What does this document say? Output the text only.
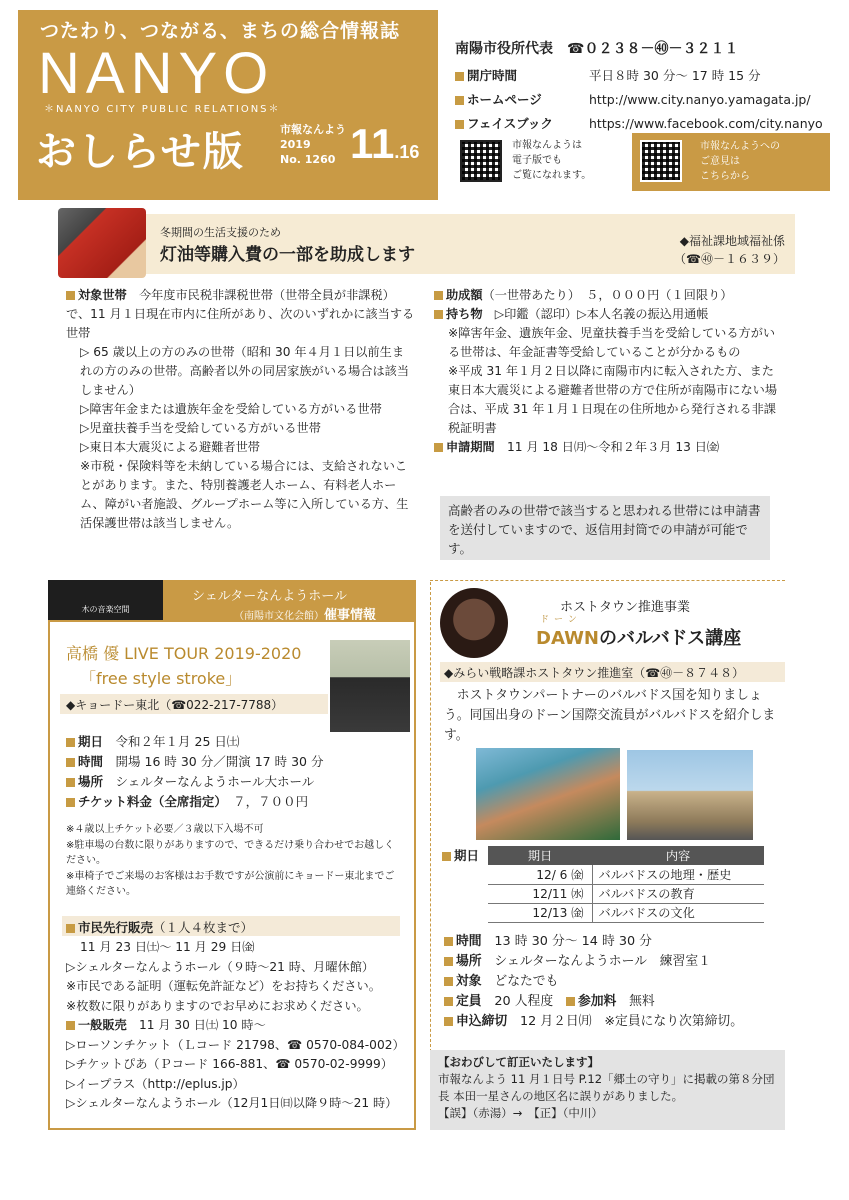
つたわり、つながる、まちの総合情報誌
NANYO
＊NANYO CITY PUBLIC RELATIONS＊
おしらせ版	市報なんよう
2019
No. 1260 11.16
南陽市役所代表　 ☎０２３８－㊵－３２１１
開庁時間	平日８時 30 分～ 17 時 15 分
ホームページ	http://www.city.nanyo.yamagata.jp/
フェイスブック	https://www.facebook.com/city.nanyo
市報なんようは
電子版でも
ご覧になれます。
市報なんようへの
ご意見は
こちらから
冬期間の生活支援のため
灯油等購入費の一部を助成します
◆福祉課地域福祉係
（☎㊵－１６３９）
対象世帯　 今年度市民税非課税世帯（世帯全員が非課税）で、11 月１日現在市内に住所があり、次のいずれかに該当する世帯
▷ 65 歳以上の方のみの世帯（昭和 30 年４月１日以前生まれの方のみの世帯。高齢者以外の同居家族がいる場合は該当しません）
▷障害年金または遺族年金を受給している方がいる世帯
▷児童扶養手当を受給している方がいる世帯
▷東日本大震災による避難者世帯
※市税・保険料等を未納している場合には、支給されないことがあります。また、特別養護老人ホーム、有料老人ホーム、障がい者施設、グループホーム等に入所している方、生活保護世帯は該当しません。
助成額（一世帯あたり）　５，０００円（１回限り）
持ち物　 ▷印鑑（認印）▷本人名義の振込用通帳
※障害年金、遺族年金、児童扶養手当を受給している方がいる世帯は、年金証書等受給していることが分かるもの
※平成 31 年１月２日以降に南陽市内に転入された方、また東日本大震災による避難者世帯の方で住所が南陽市にない場合は、平成 31 年１月１日現在の住所地から発行される非課税証明書
申請期間　 11 月 18 日㈪～令和２年３月 13 日㈮
高齢者のみの世帯で該当すると思われる世帯には申請書を送付していますので、返信用封筒での申請が可能です。
木の音楽空間
シェルターなんようホール
（南陽市文化会館）催事情報
高橋 優 LIVE TOUR 2019-2020
「free style stroke」
◆キョードー東北（☎022-217-7788）
期日　 令和２年１月 25 日㈯
時間　 開場 16 時 30 分／開演 17 時 30 分
場所　 シェルターなんようホール大ホール
チケット料金（全席指定）　 ７，７００円
※４歳以上チケット必要／３歳以下入場不可
※駐車場の台数に限りがありますので、できるだけ乗り合わせでお越しください。
※車椅子でご来場のお客様はお手数ですが公演前にキョードー東北までご連絡ください。
市民先行販売（１人４枚まで）
11 月 23 日㈯～ 11 月 29 日㈮
▷シェルターなんようホール（９時～21 時、月曜休館）
※市民である証明（運転免許証など）をお持ちください。
※枚数に限りがありますのでお早めにお求めください。
一般販売　 11 月 30 日㈯ 10 時～
▷ローソンチケット（Ｌコード 21798、☎ 0570-084-002）
▷チケットぴあ（Ｐコード 166-881、☎ 0570-02-9999）
▷イープラス（http://eplus.jp）
▷シェルターなんようホール（12月1日㈰以降９時～21 時）
ホストタウン推進事業
ドーン
DAWNのバルバドス講座
◆みらい戦略課ホストタウン推進室（☎㊵－８７４８）
ホストタウンパートナーのバルバドス国を知りましょう。同国出身のドーン国際交流員がバルバドスを紹介します。
期日	期日	内容
12/ 6 ㈮	バルバドスの地理・歴史
12/11 ㈬	バルバドスの教育
12/13 ㈮	バルバドスの文化
時間　 13 時 30 分～ 14 時 30 分
場所　 シェルターなんようホール　練習室１
対象　 どなたでも
定員　 20 人程度　 参加料　 無料
申込締切　 12 月２日㈪　※定員になり次第締切。
【おわびして訂正いたします】
市報なんよう 11 月１日号 P.12「郷土の守り」に掲載の第８分団長 本田一星さんの地区名に誤りがありました。
【誤】（赤湯）→　【正】（中川）
